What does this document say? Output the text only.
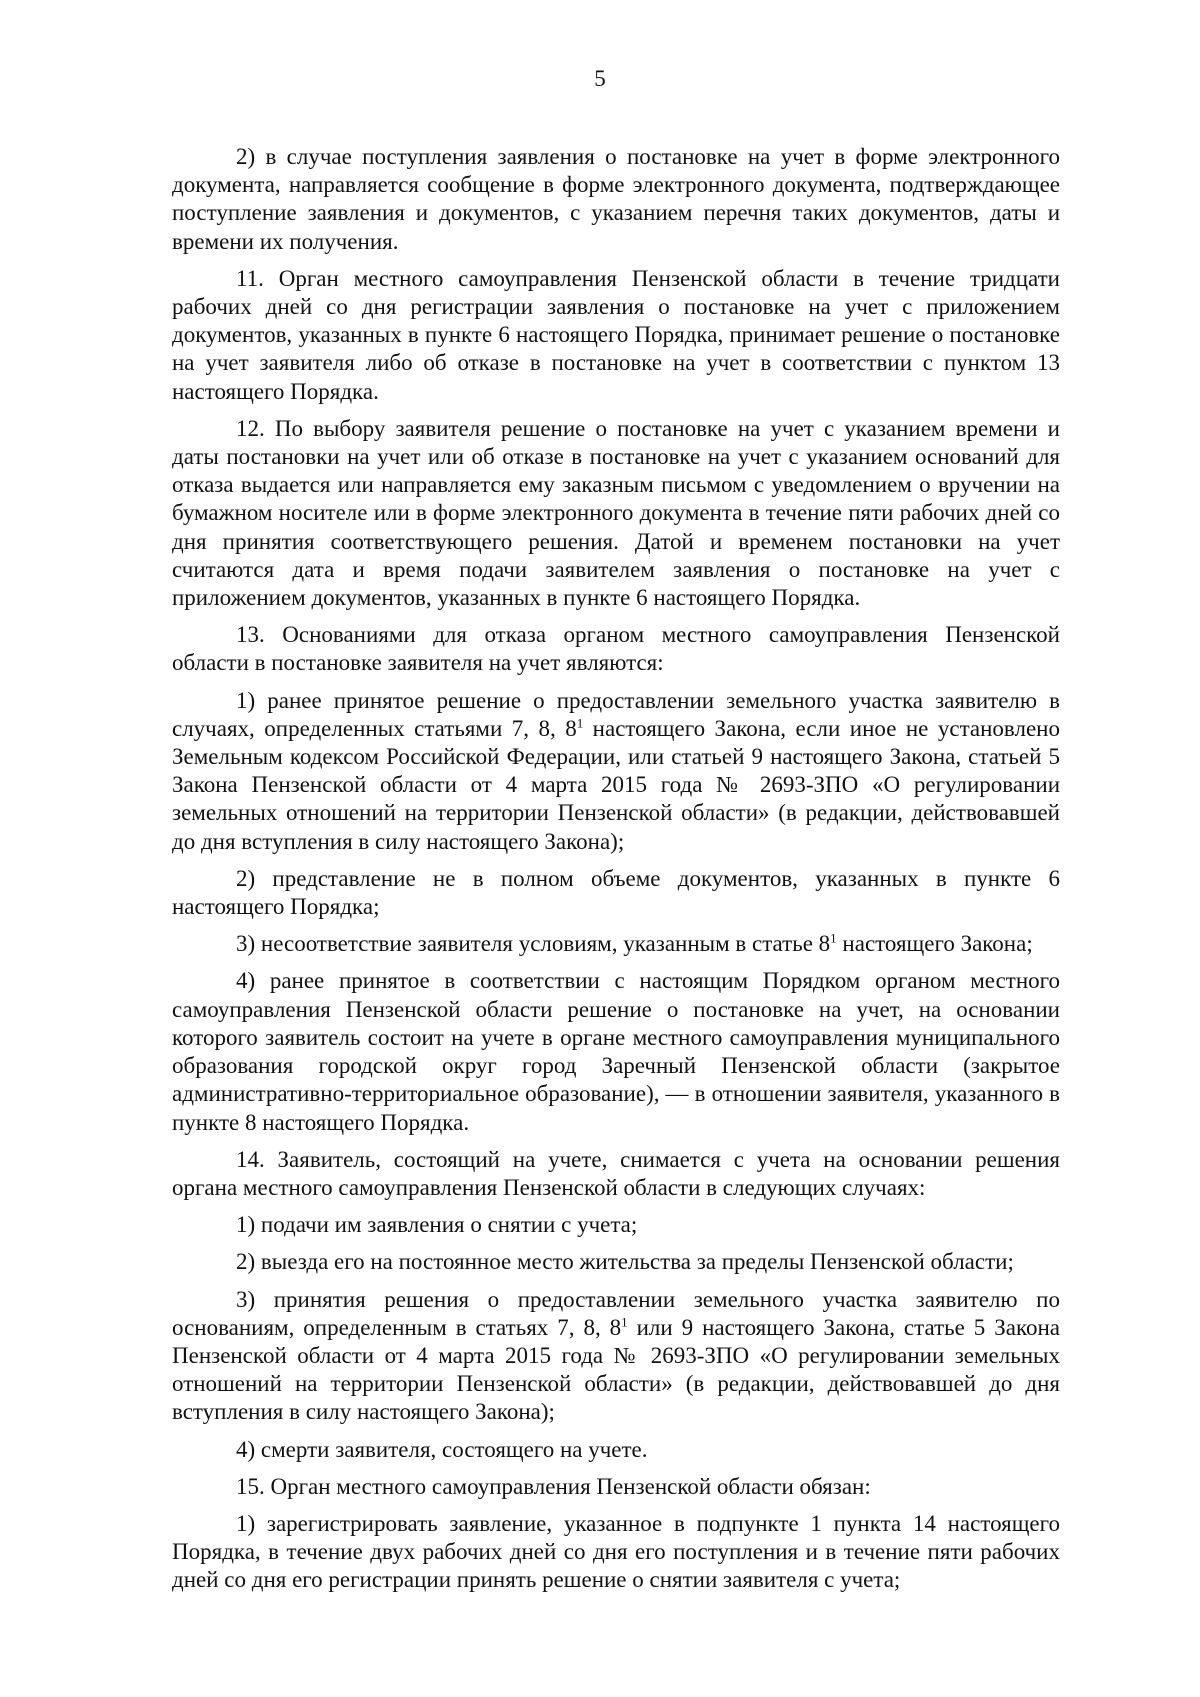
5

2) в случае поступления заявления о постановке на учет в форме электронного документа, направляется сообщение в форме электронного документа, подтверждающее поступление заявления и документов, с указанием перечня таких документов, даты и времени их получения.

11. Орган местного самоуправления Пензенской области в течение тридцати рабочих дней со дня регистрации заявления о постановке на учет с приложением документов, указанных в пункте 6 настоящего Порядка, принимает решение о постановке на учет заявителя либо об отказе в постановке на учет в соответствии с пунктом 13 настоящего Порядка.

12. По выбору заявителя решение о постановке на учет с указанием времени и даты постановки на учет или об отказе в постановке на учет с указанием оснований для отказа выдается или направляется ему заказным письмом с уведомлением о вручении на бумажном носителе или в форме электронного документа в течение пяти рабочих дней со дня принятия соответствующего решения. Датой и временем постановки на учет считаются дата и время подачи заявителем заявления о постановке на учет с приложением документов, указанных в пункте 6 настоящего Порядка.

13. Основаниями для отказа органом местного самоуправления Пензенской области в постановке заявителя на учет являются:

1) ранее принятое решение о предоставлении земельного участка заявителю в случаях, определенных статьями 7, 8, $8^1$ настоящего Закона, если иное не установлено Земельным кодексом Российской Федерации, или статьей 9 настоящего Закона, статьей 5 Закона Пензенской области от 4 марта 2015 года № 2693-ЗПО «О регулировании земельных отношений на территории Пензенской области» (в редакции, действовавшей до дня вступления в силу настоящего Закона);

2) представление не в полном объеме документов, указанных в пункте 6 настоящего Порядка;

3) несоответствие заявителя условиям, указанным в статье $8^1$ настоящего Закона;

4) ранее принятое в соответствии с настоящим Порядком органом местного самоуправления Пензенской области решение о постановке на учет, на основании которого заявитель состоит на учете в органе местного самоуправления муниципального образования городской округ город Заречный Пензенской области (закрытое административно-территориальное образование), — в отношении заявителя, указанного в пункте 8 настоящего Порядка.

14. Заявитель, состоящий на учете, снимается с учета на основании решения органа местного самоуправления Пензенской области в следующих случаях:

1) подачи им заявления о снятии с учета;

2) выезда его на постоянное место жительства за пределы Пензенской области;

3) принятия решения о предоставлении земельного участка заявителю по основаниям, определенным в статьях 7, 8, $8^1$ или 9 настоящего Закона, статье 5 Закона Пензенской области от 4 марта 2015 года № 2693-ЗПО «О регулировании земельных отношений на территории Пензенской области» (в редакции, действовавшей до дня вступления в силу настоящего Закона);

4) смерти заявителя, состоящего на учете.

15. Орган местного самоуправления Пензенской области обязан:

1) зарегистрировать заявление, указанное в подпункте 1 пункта 14 настоящего Порядка, в течение двух рабочих дней со дня его поступления и в течение пяти рабочих дней со дня его регистрации принять решение о снятии заявителя с учета;
